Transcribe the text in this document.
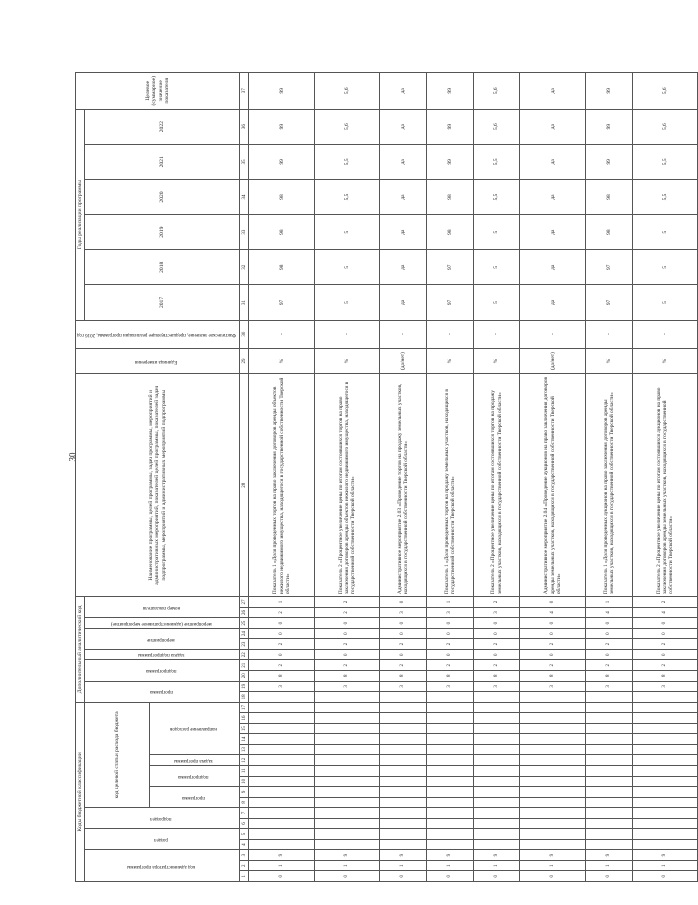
30
Коды бюджетной классификации																	Дополнительный аналитический код										Наименование программы, целей программы, задач программы, мероприятий и административных мероприятий, показателей целей программы, показателей задач подпрограммы, мероприятий и административных мероприятий подпрограммы	Единица измерения	Фактическое значение, предшествующее реализации программы, 2016 год	Годы реализации программы						Целевое (суммарное) значение показателя
код администратора программы			раздел		подраздел		код целевой статьи расхода бюджета										программа		подпрограмма		задача подпрограммы	мероприятие		мероприятие (административное мероприятие)	номер показателя					2017	2018	2019	2020	2021	2022	
							программа		подпрограмма		задача программы	направление расходов																								
1	2	3	4	5	6	7	8	9	10	11	12	13	14	15	16	17	18	19	20	21	22	23	24	25	26	27	28	29	30	31	32	33	34	35	36	37
0	1	9																3	8	2	0	2	0	0	2	1	Показатель 1 «Доля проведенных торгов на право заключения договоров аренды объектов нежилого недвижимого имущества, находящегося в государственной собственности Тверской области»	%	-	97	98	98	98	99	99	99
0	1	9																3	8	2	0	2	0	0	2	2	Показатель 2 «Процентное увеличение цены по итогам состоявшихся торгов на право заключения договоров аренды объектов нежилого недвижимого имущества, находящегося в государственной собственности Тверской области»	%	-	5	5	5	5,5	5,5	5,6	5,6
0	1	9																3	8	2	0	2	0	0	3	0	Административное мероприятие 2.03 «Проведение торгов на продажу земельных участков, находящихся в государственной собственности Тверской области»	(да/нет)	-	да	да	да	да	да	да	да
0	1	9																3	8	2	0	2	0	0	3	1	Показатель 1 «Доля проведенных торгов на продажу земельных участков, находящихся в государственной собственности Тверской области»	%	-	97	97	98	98	99	99	99
0	1	9																3	8	2	0	2	0	0	3	2	Показатель 2 «Процентное увеличение цены по итогам состоявшихся торгов на продажу земельных участков, находящихся в государственной собственности Тверской области»	%	-	5	5	5	5,5	5,5	5,6	5,6
0	1	9																3	8	2	0	2	0	0	4	0	Административное мероприятие 2.04 «Проведение аукционов на право заключения договоров аренды земельных участков, находящихся в государственной собственности Тверской области»	(да/нет)	-	да	да	да	да	да	да	да
0	1	9																3	8	2	0	2	0	0	4	1	Показатель 1 «Доля проведенных аукционов на право заключения договоров аренды земельных участков, находящихся в государственной собственности Тверской области»	%	-	97	97	98	98	99	99	99
0	1	9																3	8	2	0	2	0	0	4	2	Показатель 2 «Процентное увеличение цены по итогам состоявшихся аукционов на право заключения договоров аренды земельных участков, находящихся в государственной собственности Тверской области»	%	-	5	5	5	5,5	5,5	5,6	5,6
